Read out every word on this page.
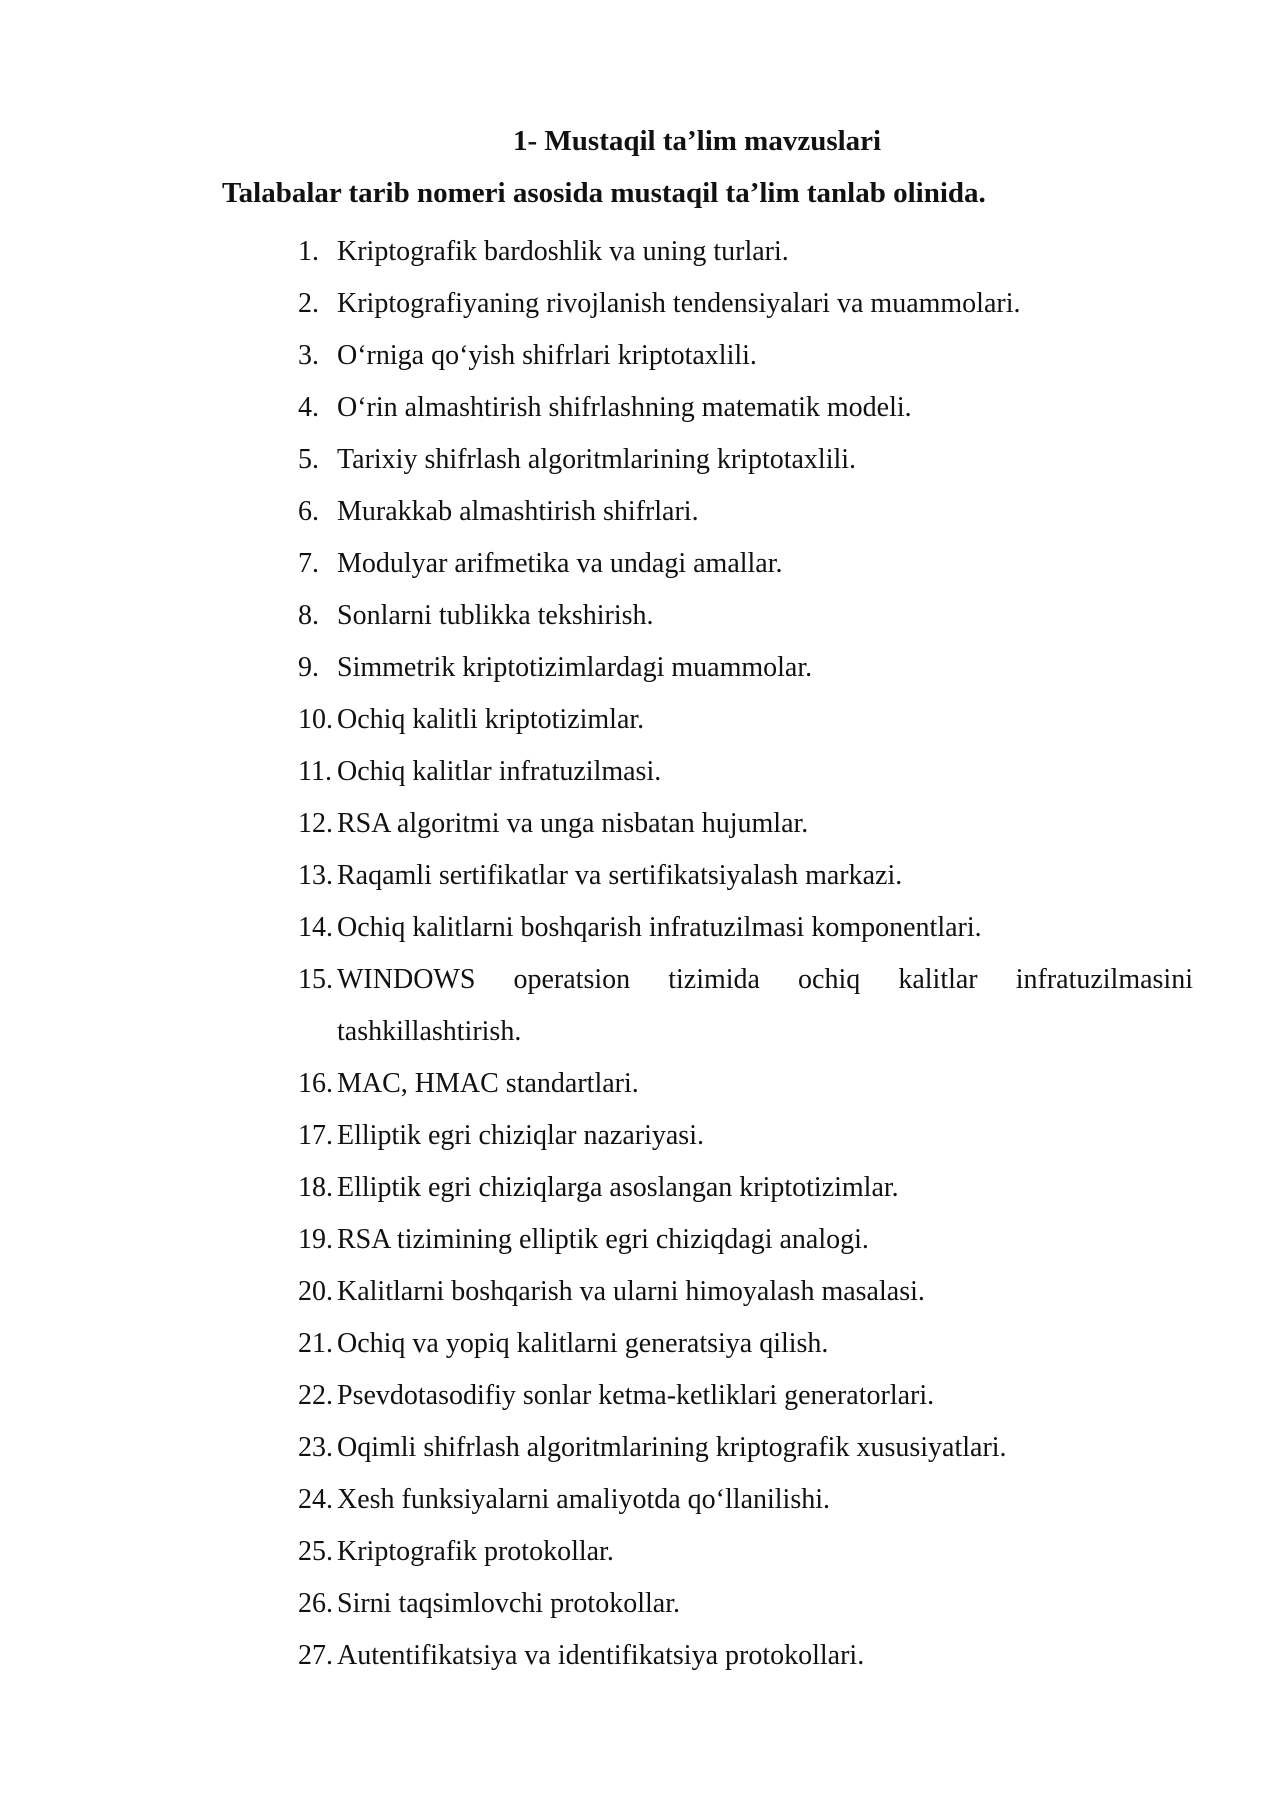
1- Mustaqil ta’lim mavzuslari
Talabalar tarib nomeri asosida mustaqil ta’lim tanlab olinida.
1. Kriptografik bardoshlik va uning turlari.
2. Kriptografiyaning rivojlanish tendensiyalari va muammolari.
3. O‘rniga qo‘yish shifrlari kriptotaxlili.
4. O‘rin almashtirish shifrlashning matematik modeli.
5. Tarixiy shifrlash algoritmlarining kriptotaxlili.
6. Murakkab almashtirish shifrlari.
7. Modulyar arifmetika va undagi amallar.
8. Sonlarni tublikka tekshirish.
9. Simmetrik kriptotizimlardagi muammolar.
10. Ochiq kalitli kriptotizimlar.
11. Ochiq kalitlar infratuzilmasi.
12. RSA algoritmi va unga nisbatan hujumlar.
13. Raqamli sertifikatlar va sertifikatsiyalash markazi.
14. Ochiq kalitlarni boshqarish infratuzilmasi komponentlari.
15. WINDOWS operatsion tizimida ochiq kalitlar infratuzilmasini
tashkillashtirish.
16. MAC, HMAC standartlari.
17. Elliptik egri chiziqlar nazariyasi.
18. Elliptik egri chiziqlarga asoslangan kriptotizimlar.
19. RSA tizimining elliptik egri chiziqdagi analogi.
20. Kalitlarni boshqarish va ularni himoyalash masalasi.
21. Ochiq va yopiq kalitlarni generatsiya qilish.
22. Psevdotasodifiy sonlar ketma-ketliklari generatorlari.
23. Oqimli shifrlash algoritmlarining kriptografik xususiyatlari.
24. Xesh funksiyalarni amaliyotda qo‘llanilishi.
25. Kriptografik protokollar.
26. Sirni taqsimlovchi protokollar.
27. Autentifikatsiya va identifikatsiya protokollari.
